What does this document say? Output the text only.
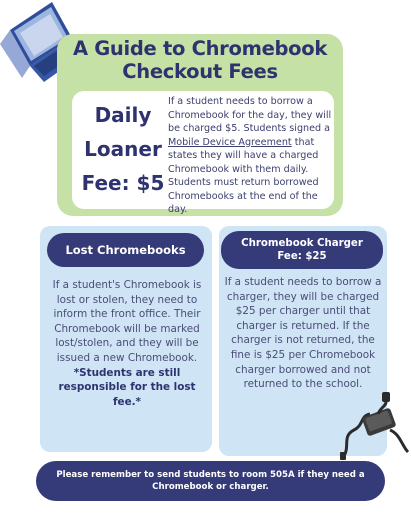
A Guide to Chromebook
Checkout Fees
Daily
Loaner
Fee: $5
If a student needs to borrow a Chromebook for the day, they will be charged $5. Students signed a Mobile Device Agreement that states they will have a charged Chromebook with them daily. Students must return borrowed Chromebooks at the end of the day.
Lost Chromebooks
If a student's Chromebook is lost or stolen, they need to inform the front office. Their Chromebook will be marked lost/stolen, and they will be issued a new Chromebook. *Students are still responsible for the lost fee.*
Chromebook Charger
Fee: $25
If a student needs to borrow a charger, they will be charged $25 per charger until that charger is returned. If the charger is not returned, the fine is $25 per Chromebook charger borrowed and not returned to the school.
Please remember to send students to room 505A if they need a
Chromebook or charger.
